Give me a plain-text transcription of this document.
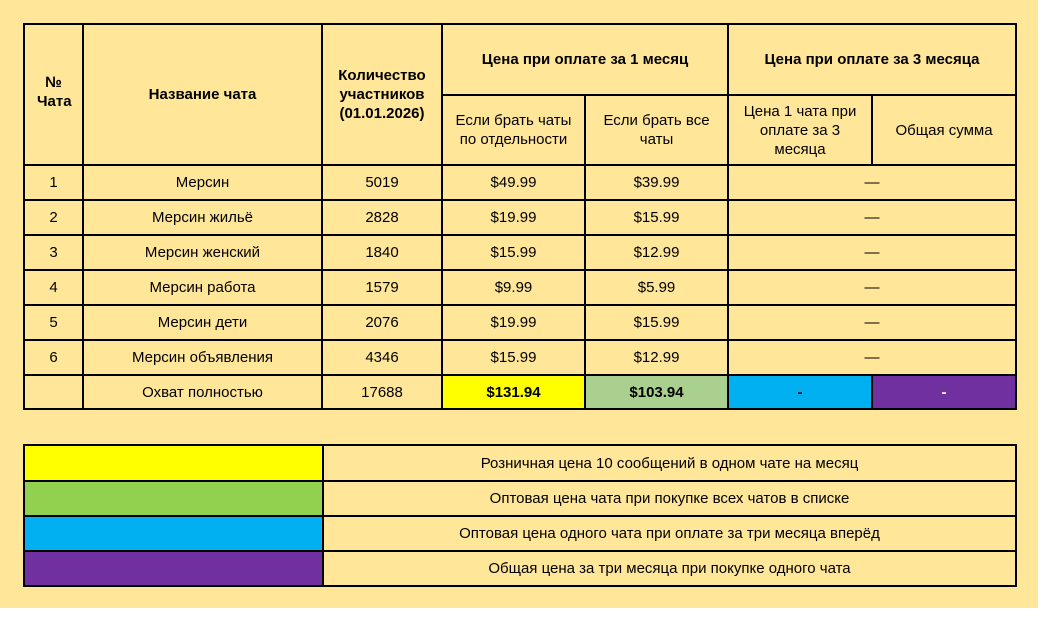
№ Чата	Название чата	Количество участников (01.01.2026)	Цена при оплате за 1 месяц		Цена при оплате за 3 месяца	
			Если брать чаты по отдельности	Если брать все чаты	Цена 1 чата при оплате за 3 месяца	Общая сумма
1	Мерсин	5019	$49.99	$39.99	—	
2	Мерсин жильё	2828	$19.99	$15.99	—	
3	Мерсин женский	1840	$15.99	$12.99	—	
4	Мерсин работа	1579	$9.99	$5.99	—	
5	Мерсин дети	2076	$19.99	$15.99	—	
6	Мерсин объявления	4346	$15.99	$12.99	—	
	Охват полностью	17688	$131.94	$103.94	-	-
	Розничная цена 10 сообщений в одном чате на месяц
	Оптовая цена чата при покупке всех чатов в списке
	Оптовая цена одного чата при оплате за три месяца вперёд
	Общая цена за три месяца при покупке одного чата
